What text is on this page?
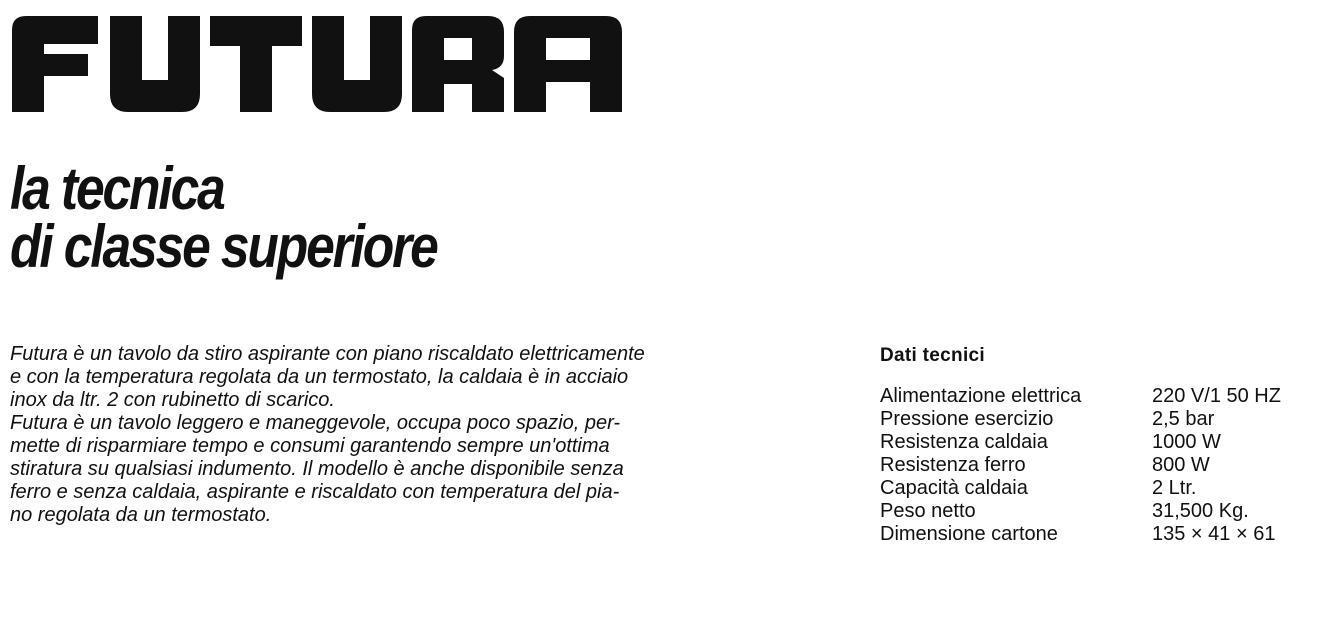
la tecnica
di classe superiore

Futura è un tavolo da stiro aspirante con piano riscaldato elettricamente
e con la temperatura regolata da un termostato, la caldaia è in acciaio
inox da ltr. 2 con rubinetto di scarico.
Futura è un tavolo leggero e maneggevole, occupa poco spazio, per-
mette di risparmiare tempo e consumi garantendo sempre un'ottima
stiratura su qualsiasi indumento. Il modello è anche disponibile senza
ferro e senza caldaia, aspirante e riscaldato con temperatura del pia-
no regolata da un termostato.

Dati tecnici
Alimentazione elettrica	220 V/1 50 HZ
Pressione esercizio	2,5 bar
Resistenza caldaia	1000 W
Resistenza ferro	800 W
Capacità caldaia	2 Ltr.
Peso netto	31,500 Kg.
Dimensione cartone	135 × 41 × 61
